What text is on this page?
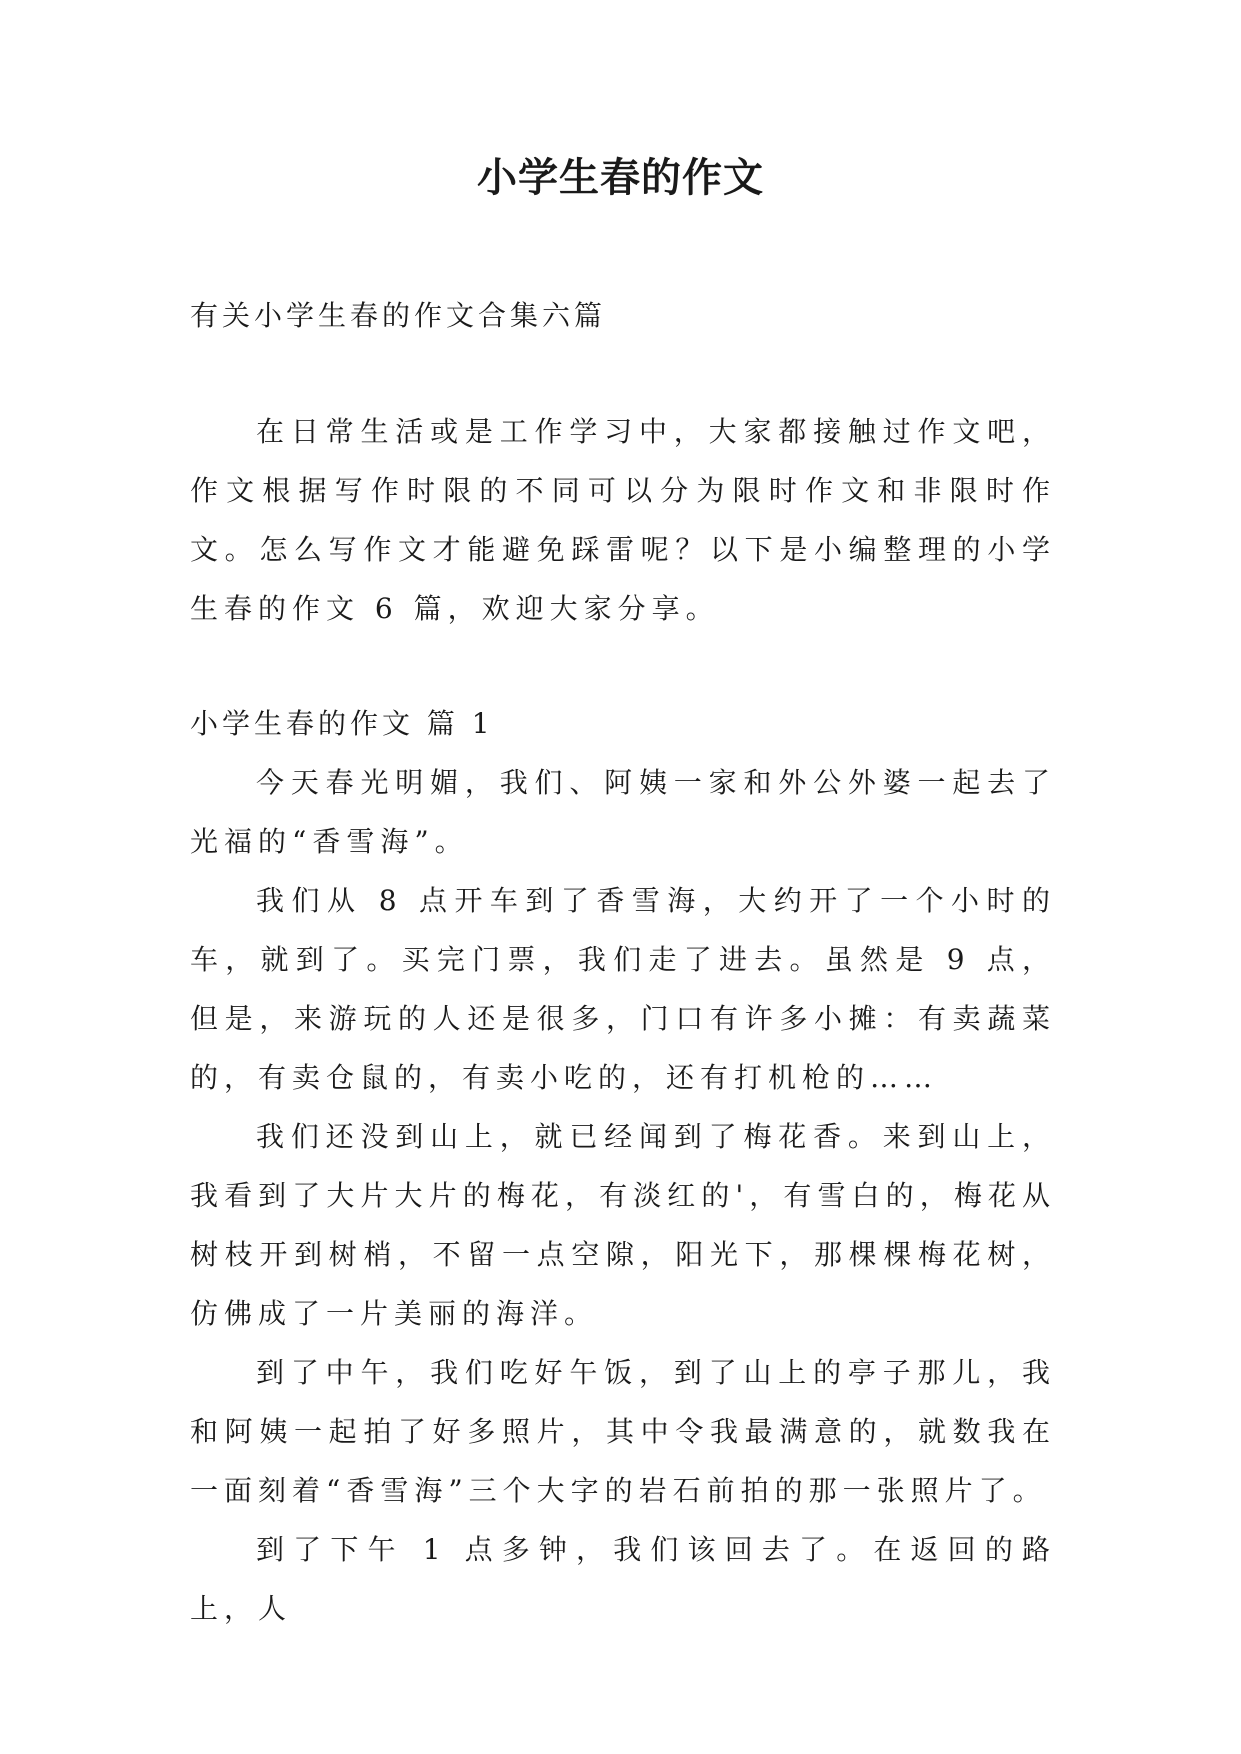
小学生春的作文

有关小学生春的作文合集六篇

在日常生活或是工作学习中，大家都接触过作文吧，作文根据写作时限的不同可以分为限时作文和非限时作文。怎么写作文才能避免踩雷呢？以下是小编整理的小学生春的作文 6 篇，欢迎大家分享。

小学生春的作文 篇 1

今天春光明媚，我们、阿姨一家和外公外婆一起去了光福的“香雪海”。

我们从 8 点开车到了香雪海，大约开了一个小时的车，就到了。买完门票，我们走了进去。虽然是 9 点，但是，来游玩的人还是很多，门口有许多小摊：有卖蔬菜的，有卖仓鼠的，有卖小吃的，还有打机枪的……

我们还没到山上，就已经闻到了梅花香。来到山上，我看到了大片大片的梅花，有淡红的'，有雪白的，梅花从树枝开到树梢，不留一点空隙，阳光下，那棵棵梅花树，仿佛成了一片美丽的海洋。

到了中午，我们吃好午饭，到了山上的亭子那儿，我和阿姨一起拍了好多照片，其中令我最满意的，就数我在一面刻着“香雪海”三个大字的岩石前拍的那一张照片了。

到了下午 1 点多钟，我们该回去了。在返回的路上，人
